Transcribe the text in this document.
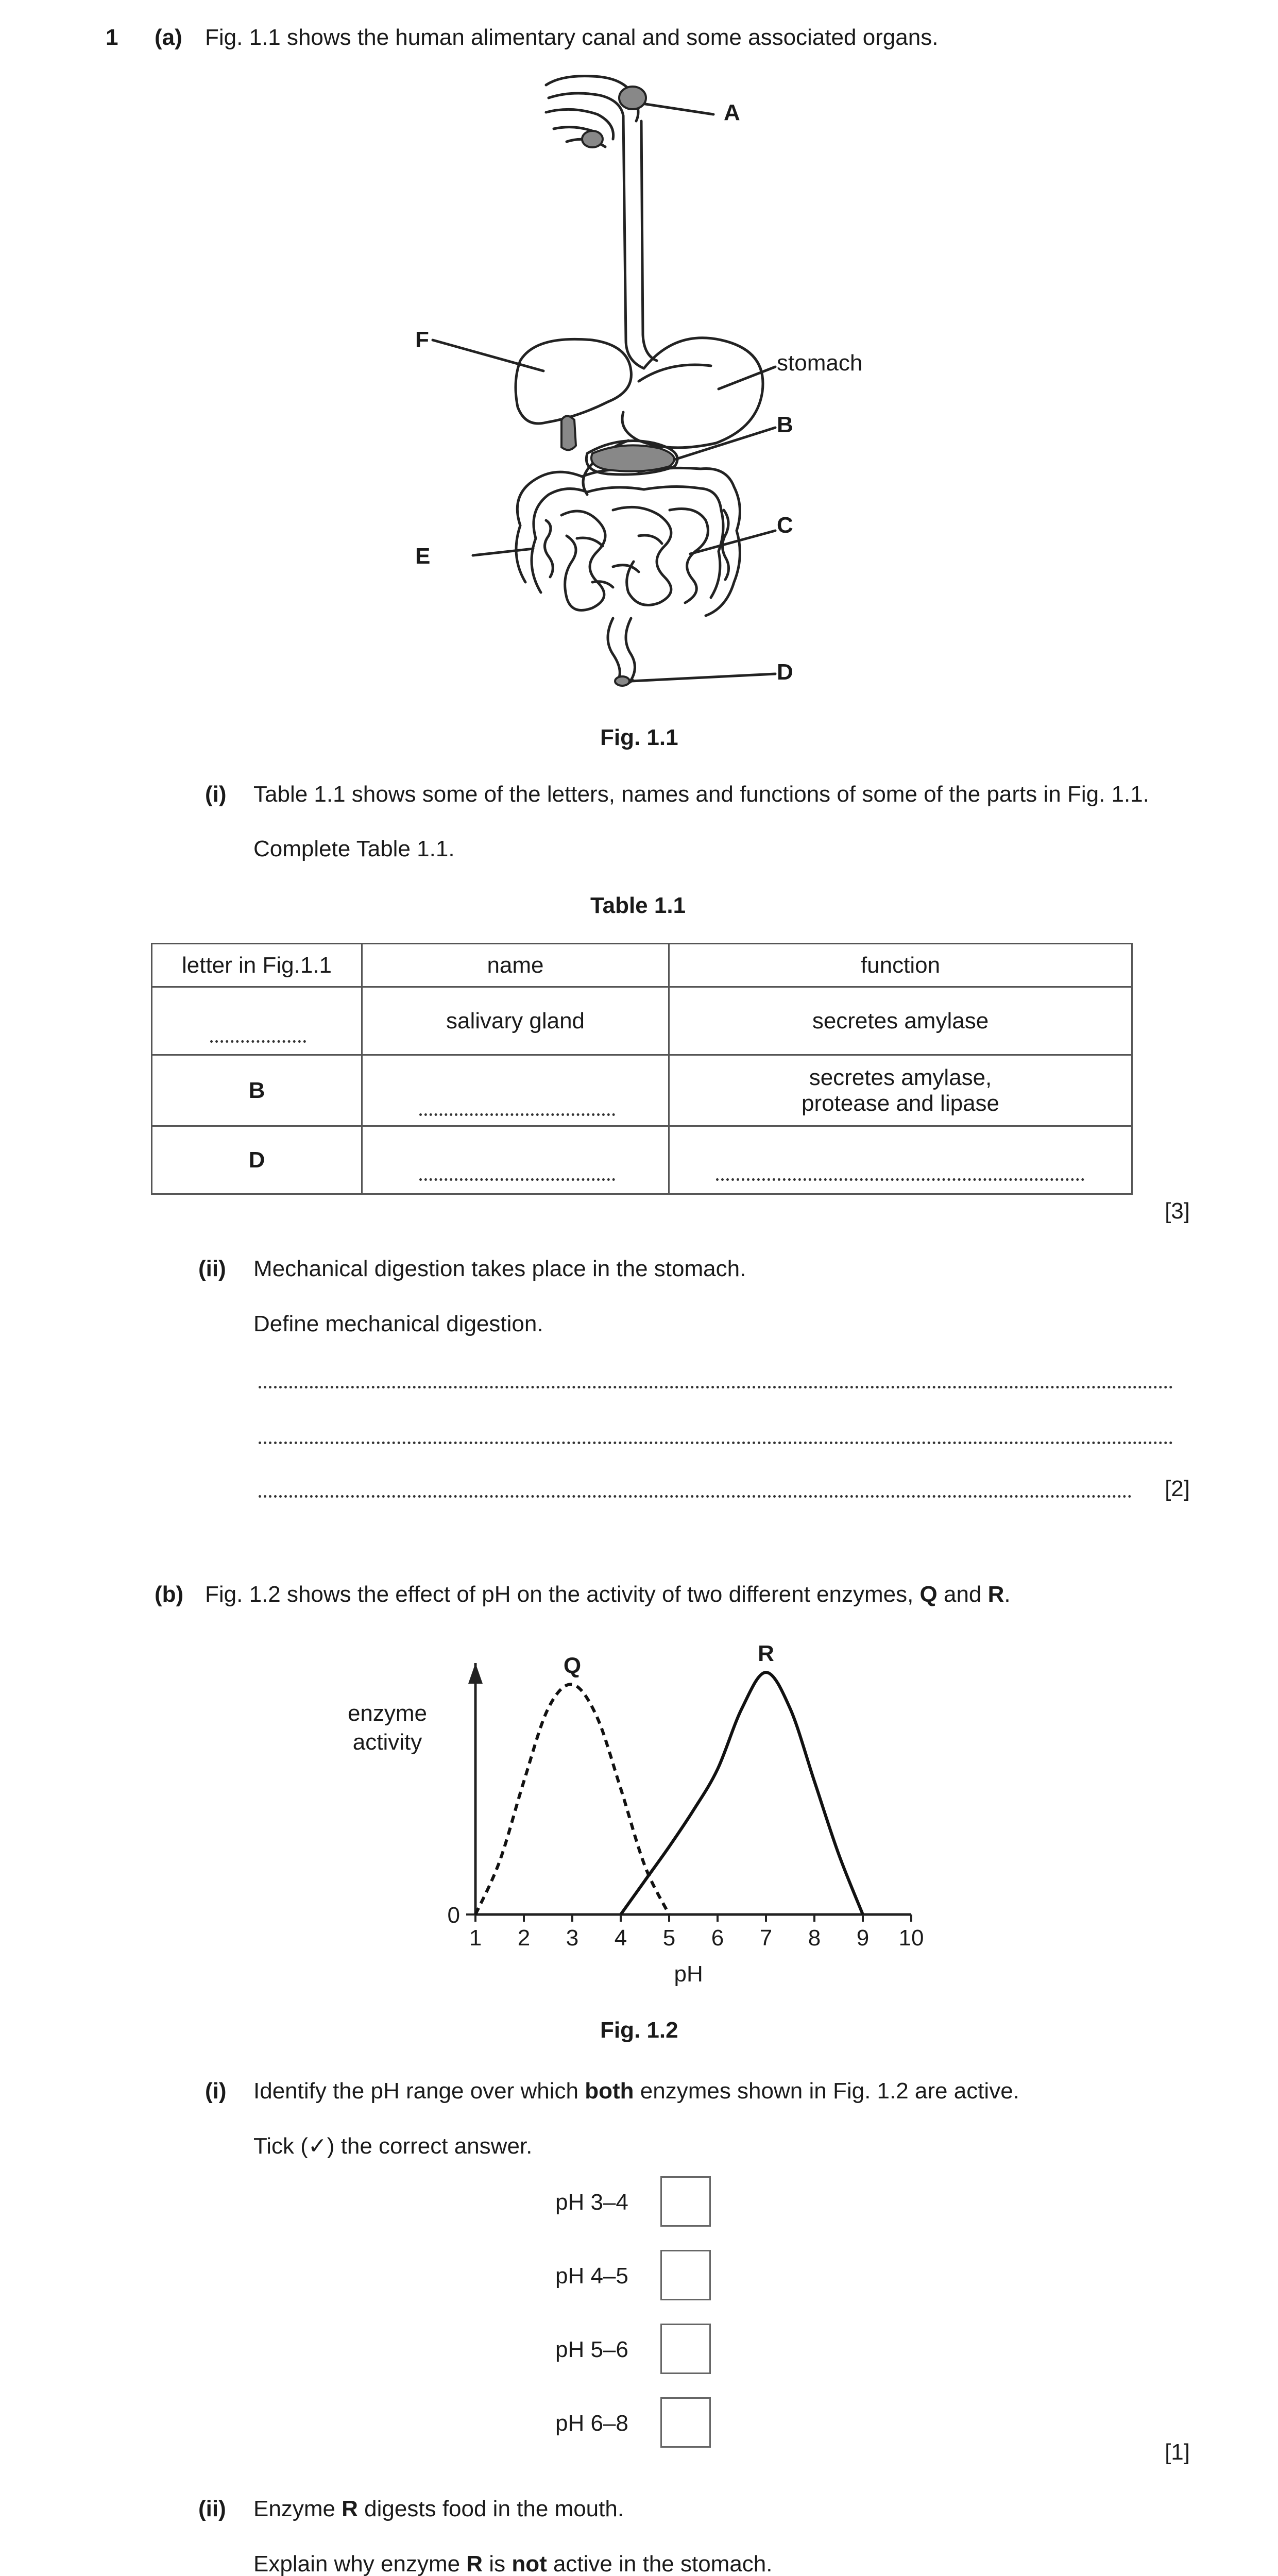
1 (a) Fig. 1.1 shows the human alimentary canal and some associated organs.
A
F
stomach
B
C
E
D
Fig. 1.1
(i) Table 1.1 shows some of the letters, names and functions of some of the parts in Fig. 1.1.
Complete Table 1.1.
Table 1.1
letter in Fig.1.1	name	function

	salivary gland	secretes amylase
B		secretes amylase,
protease and lipase

D	

[3]
(ii) Mechanical digestion takes place in the stomach.
Define mechanical digestion.
[2]
(b) Fig. 1.2 shows the effect of pH on the activity of two different enzymes, Q and R.
1 2 3 4 5 6 7 8 9 10
0
pH
enzyme
activity
Q	R
Fig. 1.2
(i) Identify the pH range over which both enzymes shown in Fig. 1.2 are active.
Tick (✓) the correct answer.
pH 3–4
pH 4–5
pH 5–6
pH 6–8
[1]
(ii) Enzyme R digests food in the mouth.
Explain why enzyme R is not active in the stomach.
